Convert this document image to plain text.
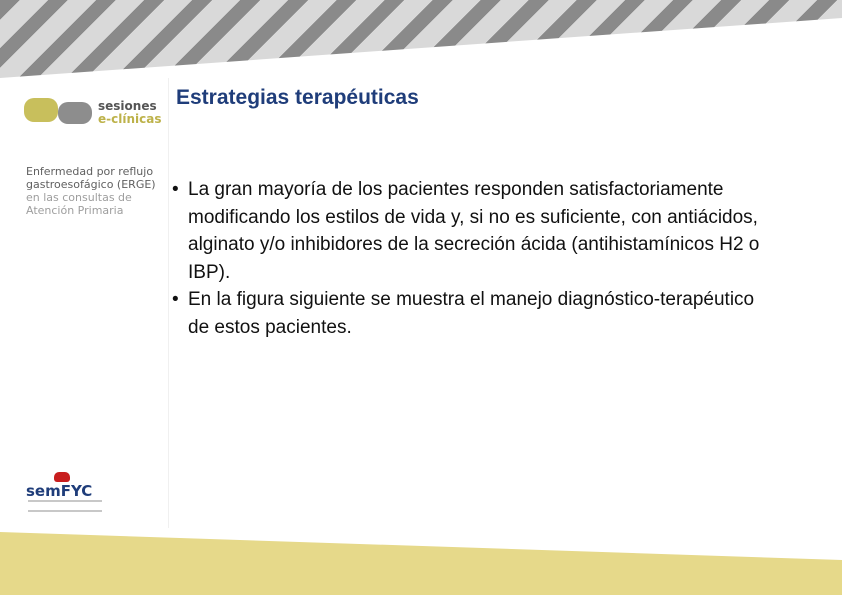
sesiones
e-clínicas
Enfermedad por reflujo
gastroesofágico (ERGE)
en las consultas de
Atención Primaria
Estrategias terapéuticas
• La gran mayoría de los pacientes responden satisfactoriamente modificando los estilos de vida y, si no es suficiente, con antiácidos, alginato y/o inhibidores de la secreción ácida (antihistamínicos H2 o IBP).
• En la figura siguiente se muestra el manejo diagnóstico-terapéutico de estos pacientes.
semFYC
